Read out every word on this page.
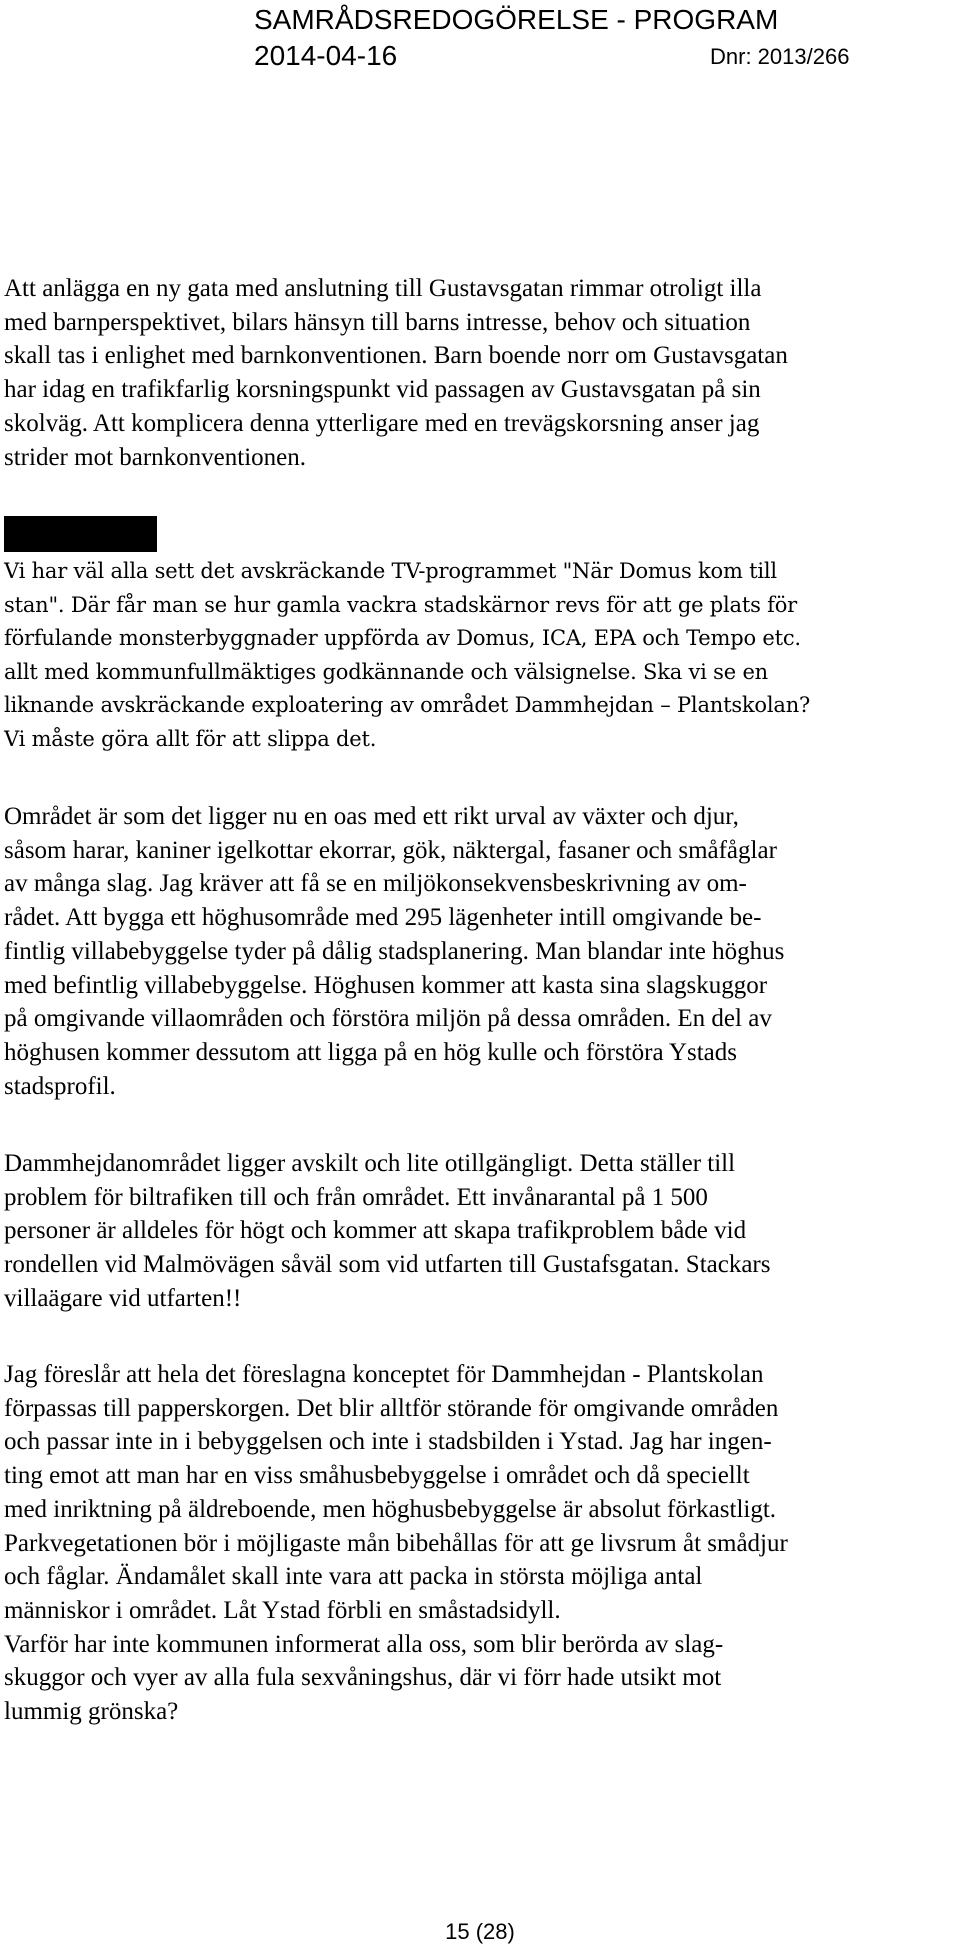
SAMRÅDSREDOGÖRELSE - PROGRAM
2014-04-16	Dnr: 2013/266
Att anlägga en ny gata med anslutning till Gustavsgatan rimmar otroligt illa
med barnperspektivet, bilars hänsyn till barns intresse, behov och situation
skall tas i enlighet med barnkonventionen. Barn boende norr om Gustavsgatan
har idag en trafikfarlig korsningspunkt vid passagen av Gustavsgatan på sin
skolväg. Att komplicera denna ytterligare med en trevägskorsning anser jag
strider mot barnkonventionen.
Vi har väl alla sett det avskräckande TV-programmet "När Domus kom till
stan". Där får man se hur gamla vackra stadskärnor revs för att ge plats för
förfulande monsterbyggnader uppförda av Domus, ICA, EPA och Tempo etc.
allt med kommunfullmäktiges godkännande och välsignelse. Ska vi se en
liknande avskräckande exploatering av området Dammhejdan – Plantskolan?
Vi måste göra allt för att slippa det.
Området är som det ligger nu en oas med ett rikt urval av växter och djur,
såsom harar, kaniner igelkottar ekorrar, gök, näktergal, fasaner och småfåglar
av många slag. Jag kräver att få se en miljökonsekvensbeskrivning av om-
rådet. Att bygga ett höghusområde med 295 lägenheter intill omgivande be-
fintlig villabebyggelse tyder på dålig stadsplanering. Man blandar inte höghus
med befintlig villabebyggelse. Höghusen kommer att kasta sina slagskuggor
på omgivande villaområden och förstöra miljön på dessa områden. En del av
höghusen kommer dessutom att ligga på en hög kulle och förstöra Ystads
stadsprofil.
Dammhejdanområdet ligger avskilt och lite otillgängligt. Detta ställer till
problem för biltrafiken till och från området. Ett invånarantal på 1 500
personer är alldeles för högt och kommer att skapa trafikproblem både vid
rondellen vid Malmövägen såväl som vid utfarten till Gustafsgatan. Stackars
villaägare vid utfarten!!
Jag föreslår att hela det föreslagna konceptet för Dammhejdan - Plantskolan
förpassas till papperskorgen. Det blir alltför störande för omgivande områden
och passar inte in i bebyggelsen och inte i stadsbilden i Ystad. Jag har ingen-
ting emot att man har en viss småhusbebyggelse i området och då speciellt
med inriktning på äldreboende, men höghusbebyggelse är absolut förkastligt.
Parkvegetationen bör i möjligaste mån bibehållas för att ge livsrum åt smådjur
och fåglar. Ändamålet skall inte vara att packa in största möjliga antal
människor i området. Låt Ystad förbli en småstadsidyll.
Varför har inte kommunen informerat alla oss, som blir berörda av slag-
skuggor och vyer av alla fula sexvåningshus, där vi förr hade utsikt mot
lummig grönska?
15 (28)
